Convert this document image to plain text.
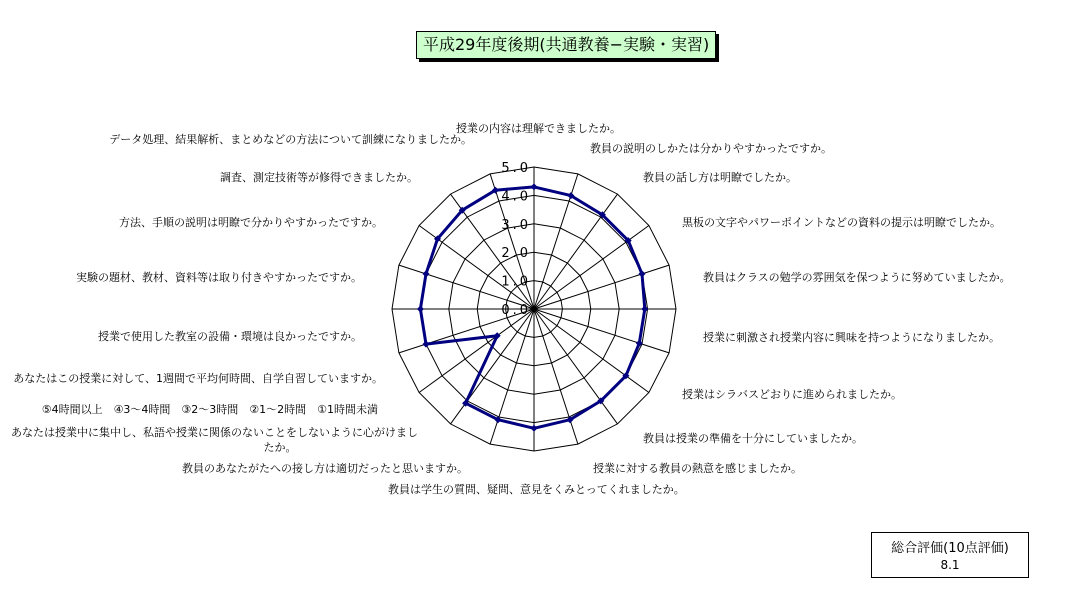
平成29年度後期(共通教養−実験・実習)
0.0
1.0
2.0
3.0
4.0
5.0
授業の内容は理解できましたか。
教員の説明のしかたは分かりやすかったですか。
教員の話し方は明瞭でしたか。
黒板の文字やパワーポイントなどの資料の提示は明瞭でしたか。
教員はクラスの勉学の雰囲気を保つように努めていましたか。
授業に刺激され授業内容に興味を持つようになりましたか。
授業はシラバスどおりに進められましたか。
教員は授業の準備を十分にしていましたか。
授業に対する教員の熱意を感じましたか。
教員は学生の質問、疑問、意見をくみとってくれましたか。
教員のあなたがたへの接し方は適切だったと思いますか。
あなたは授業中に集中し、私語や授業に関係のないことをしないように心がけまし
たか。
あなたはこの授業に対して、1週間で平均何時間、自学自習していますか。
⑤4時間以上　④3～4時間　③2～3時間　②1～2時間　①1時間未満
授業で使用した教室の設備・環境は良かったですか。
実験の題材、教材、資料等は取り付きやすかったですか。
方法、手順の説明は明瞭で分かりやすかったですか。
調査、測定技術等が修得できましたか。
データ処理、結果解析、まとめなどの方法について訓練になりましたか。
総合評価(10点評価)
8.1
